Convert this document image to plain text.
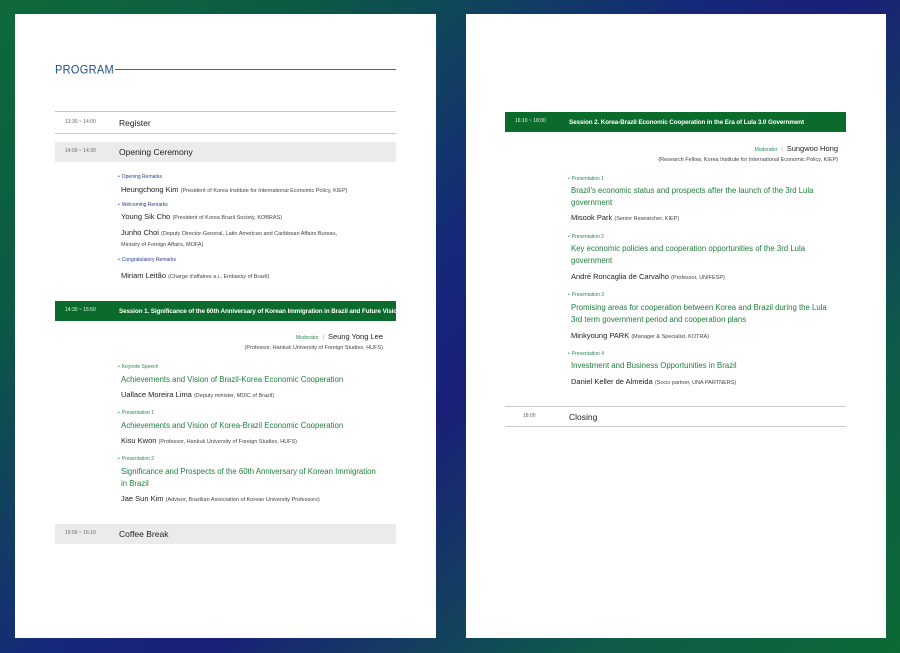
PROGRAM
13:30 ~ 14:00	Register
14:00 ~ 14:30	Opening Ceremony
• Opening Remarks
Heungchong Kim (President of Korea Institute for International Economic Policy, KIEP)
• Welcoming Remarks
Young Sik Cho (President of Korea Brazil Society, KOBRAS)
Junho Choi (Deputy Director-General, Latin American and Caribbean Affairs Bureau,
Ministry of Foreign Affairs, MOFA)
• Congratulatory Remarks
Miriam Leitão (Charge d'affaires a.i., Embassy of Brazil)
14:30 ~ 15:50	Session 1. Significance of the 60th Anniversary of Korean Immigration in Brazil and Future Vision
Moderator | Seung Yong Lee
(Professor, Hankuk University of Foreign Studies, HUFS)
• Keynote Speech
Achievements and Vision of Brazil-Korea Economic Cooperation
Uallace Moreira Lima (Deputy minister, MDIC of Brazil)
• Presentation 1
Achievements and Vision of Korea-Brazil Economic Cooperation
Kisu Kwon (Professor, Hankuk University of Foreign Studies, HUFS)
• Presentation 2
Significance and Prospects of the 60th Anniversary of Korean Immigration
in Brazil
Jae Sun Kim (Advisor, Brazilian Association of Korean University Professors)
15:50 ~ 16:10	Coffee Break
16:10 ~ 18:00	Session 2. Korea-Brazil Economic Cooperation in the Era of Lula 3.0 Government
Moderator | Sungwoo Hong
(Research Fellow, Korea Institute for International Economic Policy, KIEP)
• Presentation 1
Brazil's economic status and prospects after the launch of the 3rd Lula
government
Misook Park (Senior Researcher, KIEP)
• Presentation 2
Key economic policies and cooperation opportunities of the 3rd Lula
government
André Roncaglia de Carvalho (Professor, UNIFESP)
• Presentation 3
Promising areas for cooperation between Korea and Brazil during the Lula
3rd term government period and cooperation plans
Minkyoung PARK (Manager & Specialist, KOTRA)
• Presentation 4
Investment and Business Opportunities in Brazil
Daniel Keller de Almeida (Socio partner, UNA PARTNERS)
18:00	Closing
The 12th Korea-Brazil Business Forum
